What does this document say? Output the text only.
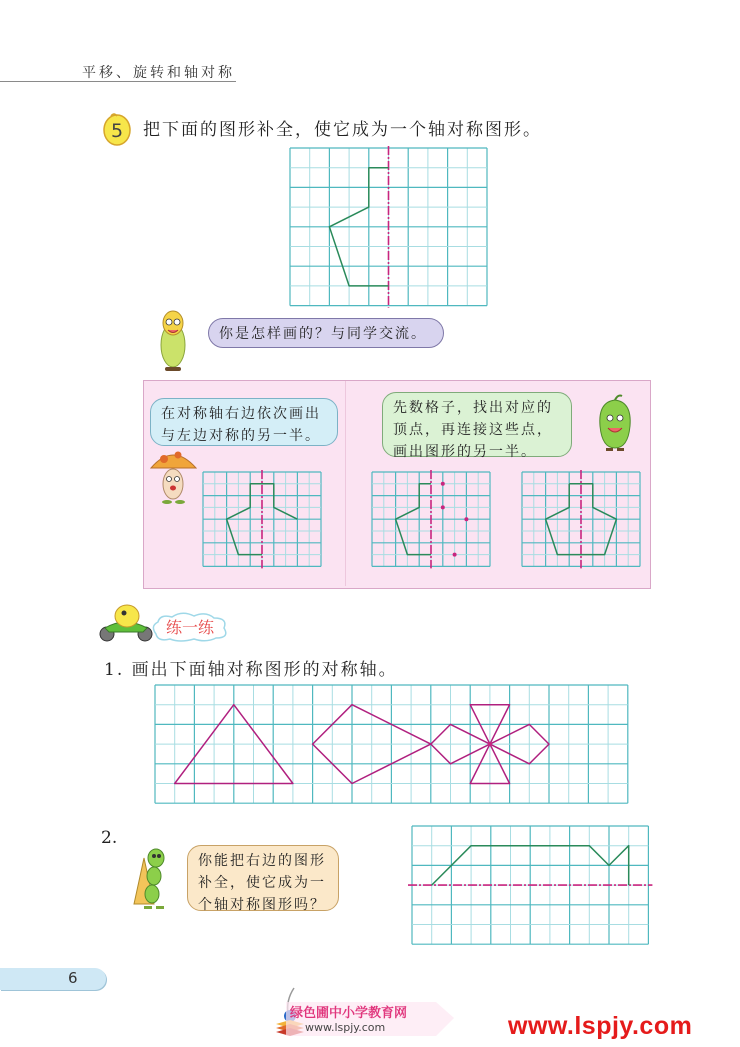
平移、旋转和轴对称
5 把下面的图形补全，使它成为一个轴对称图形。
你是怎样画的？与同学交流。
在对称轴右边依次画出
与左边对称的另一半。
先数格子，找出对应的
顶点，再连接这些点，
画出图形的另一半。
练一练
1. 画出下面轴对称图形的对称轴。
2.
你能把右边的图形
补全，使它成为一
个轴对称图形吗？
6
绿色圃中小学教育网
www.lspjy.com	www.lspjy.com
